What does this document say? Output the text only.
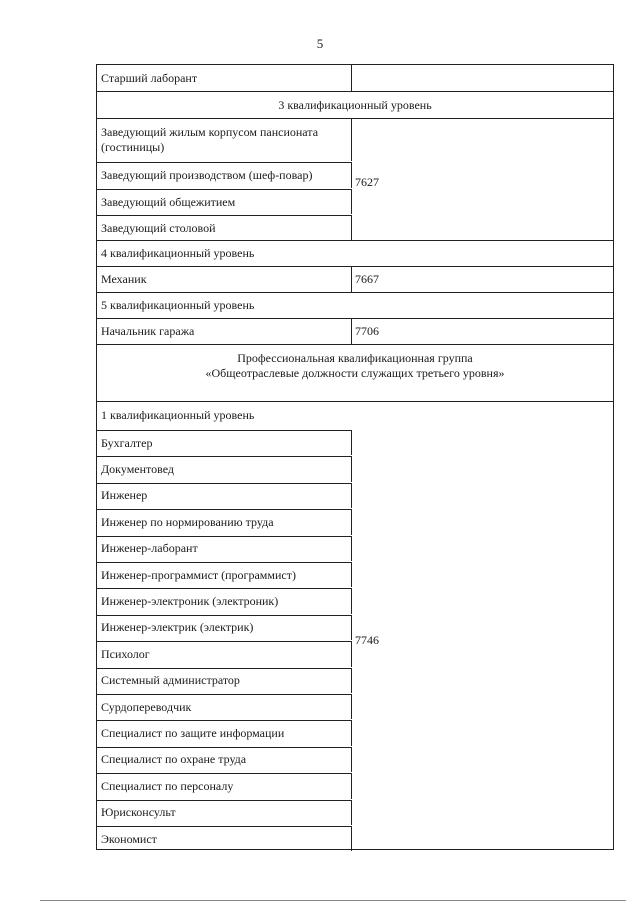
5
Старший лаборант
3 квалификационный уровень
Заведующий жилым корпусом пансионата (гостиницы)
Заведующий производством (шеф-повар)
Заведующий общежитием
Заведующий столовой
7627
4 квалификационный уровень
Механик	7667
5 квалификационный уровень
Начальник гаража	7706
Профессиональная квалификационная группа
«Общеотраслевые должности служащих третьего уровня»
1 квалификационный уровень
Бухгалтер
Документовед
Инженер
Инженер по нормированию труда
Инженер-лаборант
Инженер-программист (программист)
Инженер-электроник (электроник)
Инженер-электрик (электрик)
Психолог
Системный администратор
Сурдопереводчик
Специалист по защите информации
Специалист по охране труда
Специалист по персоналу
Юрисконсульт
Экономист
7746
